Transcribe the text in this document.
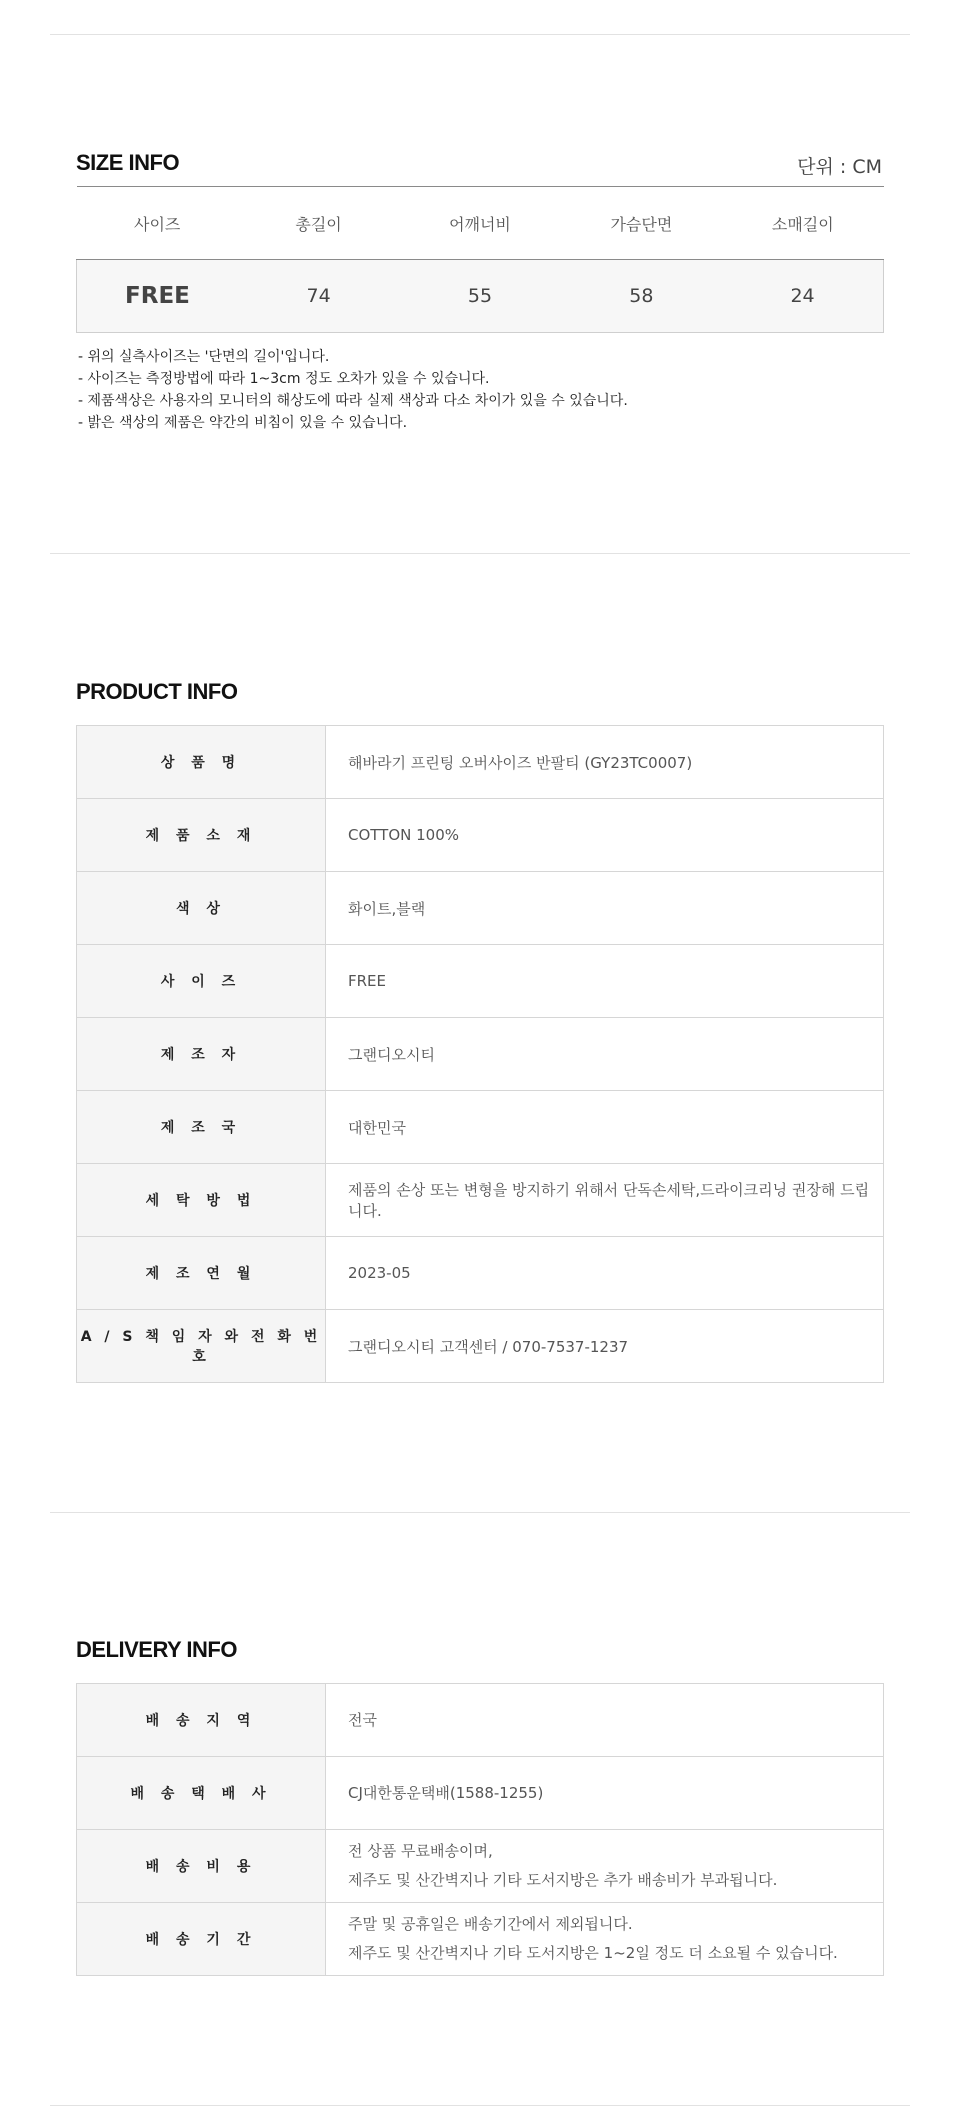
SIZE INFO	단위 : CM
사이즈	총길이	어깨너비	가슴단면	소매길이
FREE	74	55	58	24
- 위의 실측사이즈는 '단면의 길이'입니다.
- 사이즈는 측정방법에 따라 1~3cm 정도 오차가 있을 수 있습니다.
- 제품색상은 사용자의 모니터의 해상도에 따라 실제 색상과 다소 차이가 있을 수 있습니다.
- 밝은 색상의 제품은 약간의 비침이 있을 수 있습니다.
PRODUCT INFO
상 품 명	해바라기 프린팅 오버사이즈 반팔티 (GY23TC0007)
제 품 소 재	COTTON 100%
색 상	화이트,블랙
사 이 즈	FREE
제 조 자	그랜디오시티
제 조 국	대한민국
세 탁 방 법	제품의 손상 또는 변형을 방지하기 위해서 단독손세탁,드라이크리닝 권장해 드립니다.
제 조 연 월	2023-05
A / S 책 임 자 와 전 화 번 호	그랜디오시티 고객센터 / 070-7537-1237
DELIVERY INFO
배 송 지 역	전국

배 송 택 배 사	CJ대한통운택배(1588-1255)

배 송 비 용	전 상품 무료배송이며,
제주도 및 산간벽지나 기타 도서지방은 추가 배송비가 부과됩니다.

배 송 기 간	주말 및 공휴일은 배송기간에서 제외됩니다.
제주도 및 산간벽지나 기타 도서지방은 1~2일 정도 더 소요될 수 있습니다.
